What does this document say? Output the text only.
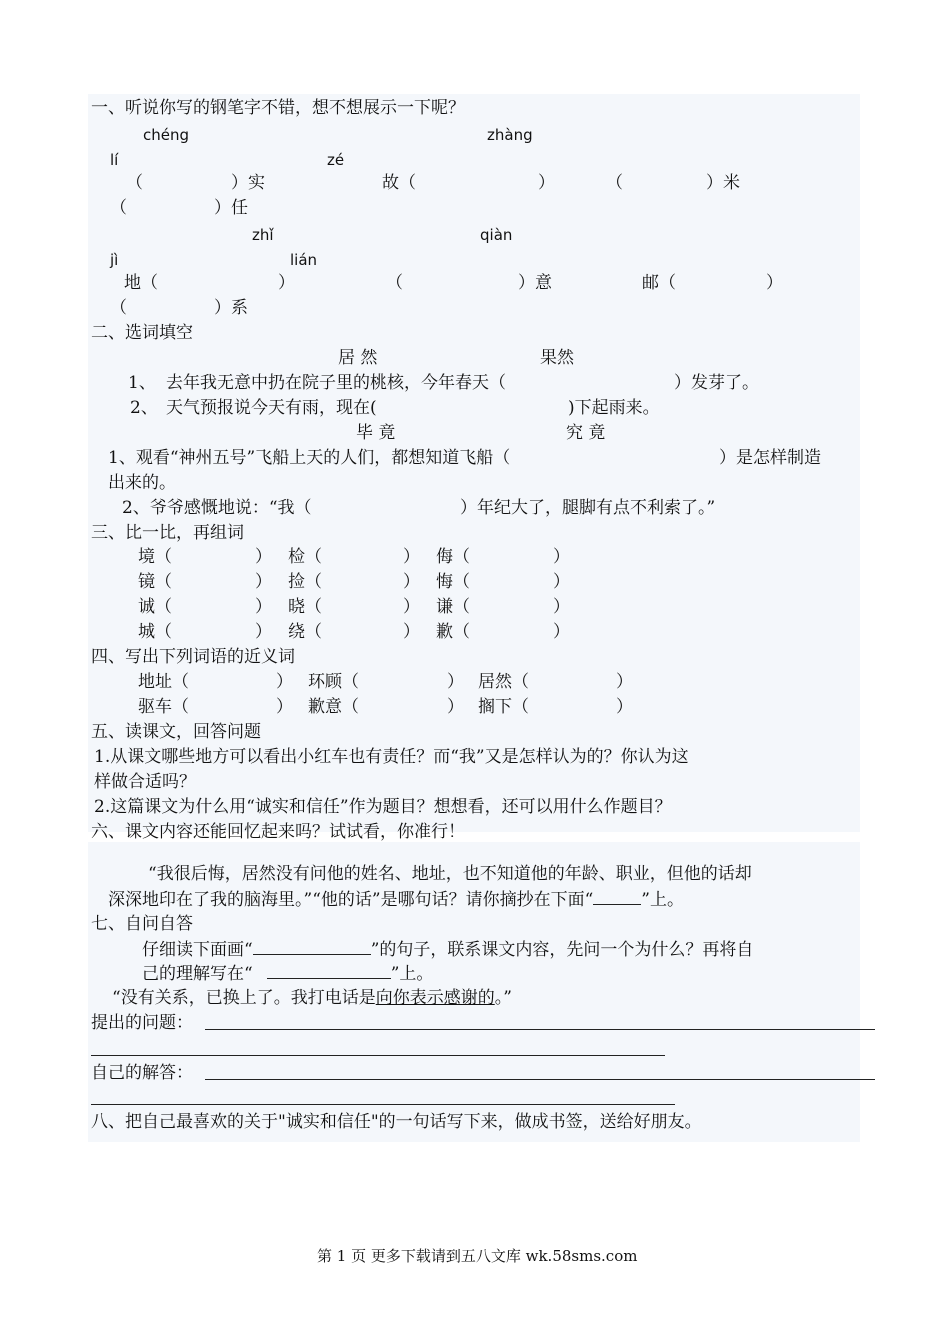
一、听说你写的钢笔字不错，想不想展示一下呢？
chéng	zhàng
lí	zé
（	）实	故（	）	（	）米
（	）任
zhǐ	qiàn
jì	lián
地（	）	（	）意	邮（	）
（	）系
二、选词填空
居 然	果然
1、 去年我无意中扔在院子里的桃核，今年春天（	）发芽了。
2、 天气预报说今天有雨，现在(	)下起雨来。
毕 竟	究 竟
1、观看“神州五号”飞船上天的人们，都想知道飞船（	）是怎样制造
出来的。
2、爷爷感慨地说：“我（	）年纪大了，腿脚有点不利索了。”
三、比一比，再组词
境（	） 检（	） 侮（	）
镜（	） 捡（	） 悔（	）
诚（	） 晓（	） 谦（	）
城（	） 绕（	） 歉（	）
四、写出下列词语的近义词
地址（	） 环顾（	） 居然（	）
驱车（	） 歉意（	） 搁下（	）
五、读课文，回答问题
1.从课文哪些地方可以看出小红车也有责任？而“我”又是怎样认为的？你认为这
样做合适吗？
2.这篇课文为什么用“诚实和信任”作为题目？想想看，还可以用什么作题目？
六、课文内容还能回忆起来吗？试试看，你准行！
“我很后悔，居然没有问他的姓名、地址，也不知道他的年龄、职业，但他的话却
深深地印在了我的脑海里。”“他的话”是哪句话？请你摘抄在下面“	”上。
七、自问自答
仔细读下面画“	”的句子，联系课文内容，先问一个为什么？再将自
己的理解写在“	”上。
“没有关系，已换上了。我打电话是向你表示感谢的。”
提出的问题：
自己的解答：
八、把自己最喜欢的关于"诚实和信任"的一句话写下来，做成书签，送给好朋友。
第 1 页 更多下载请到五八文库 wk.58sms.com
